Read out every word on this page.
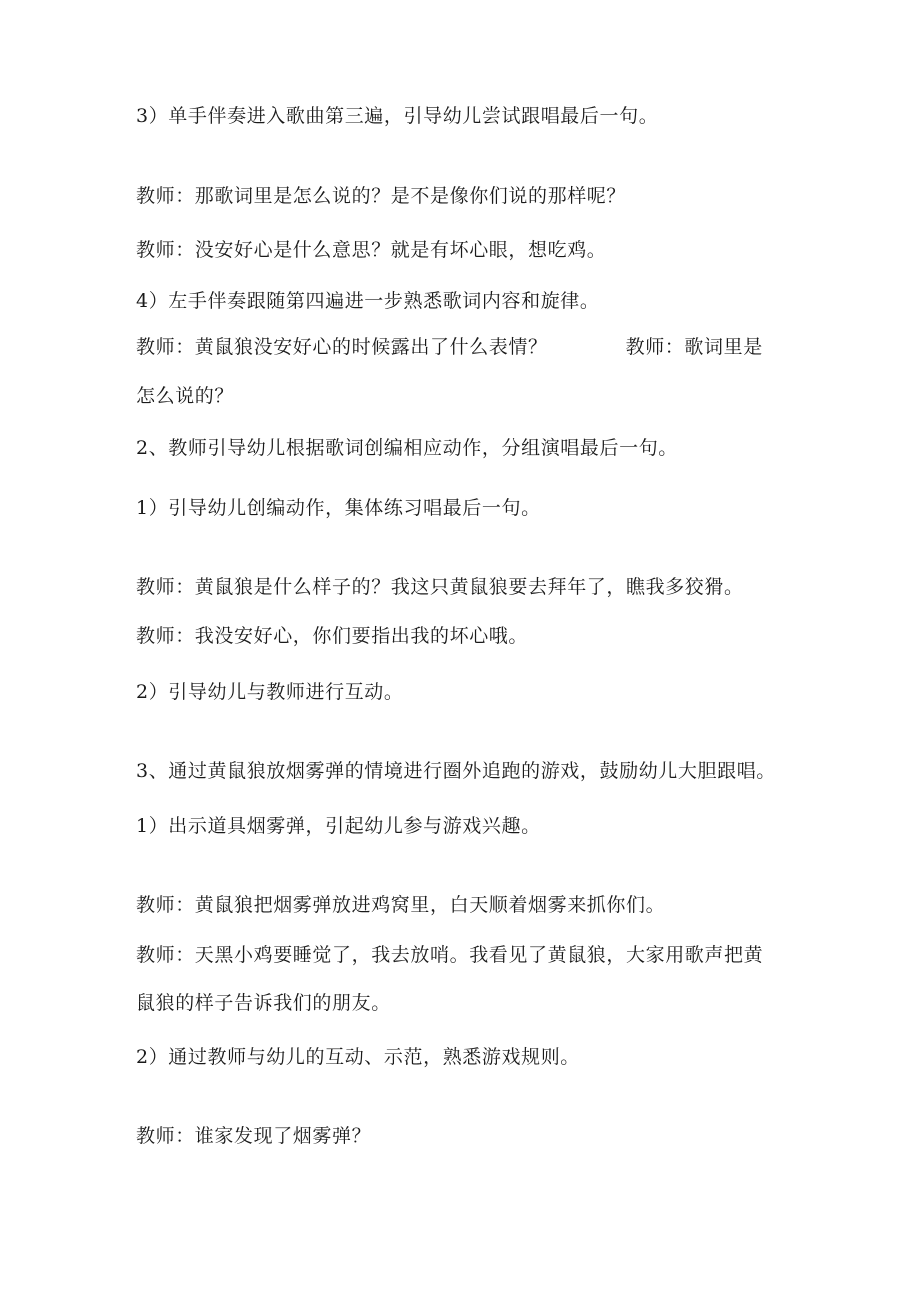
3）单手伴奏进入歌曲第三遍，引导幼儿尝试跟唱最后一句。
教师：那歌词里是怎么说的？是不是像你们说的那样呢？
教师：没安好心是什么意思？就是有坏心眼，想吃鸡。
4）左手伴奏跟随第四遍进一步熟悉歌词内容和旋律。
教师：黄鼠狼没安好心的时候露出了什么表情？	教师：歌词里是
怎么说的？
2、教师引导幼儿根据歌词创编相应动作，分组演唱最后一句。
1）引导幼儿创编动作，集体练习唱最后一句。
教师：黄鼠狼是什么样子的？我这只黄鼠狼要去拜年了，瞧我多狡猾。
教师：我没安好心，你们要指出我的坏心哦。
2）引导幼儿与教师进行互动。
3、通过黄鼠狼放烟雾弹的情境进行圈外追跑的游戏，鼓励幼儿大胆跟唱。
1）出示道具烟雾弹，引起幼儿参与游戏兴趣。
教师：黄鼠狼把烟雾弹放进鸡窝里，白天顺着烟雾来抓你们。
教师：天黑小鸡要睡觉了，我去放哨。我看见了黄鼠狼，大家用歌声把黄
鼠狼的样子告诉我们的朋友。
2）通过教师与幼儿的互动、示范，熟悉游戏规则。
教师：谁家发现了烟雾弹？
